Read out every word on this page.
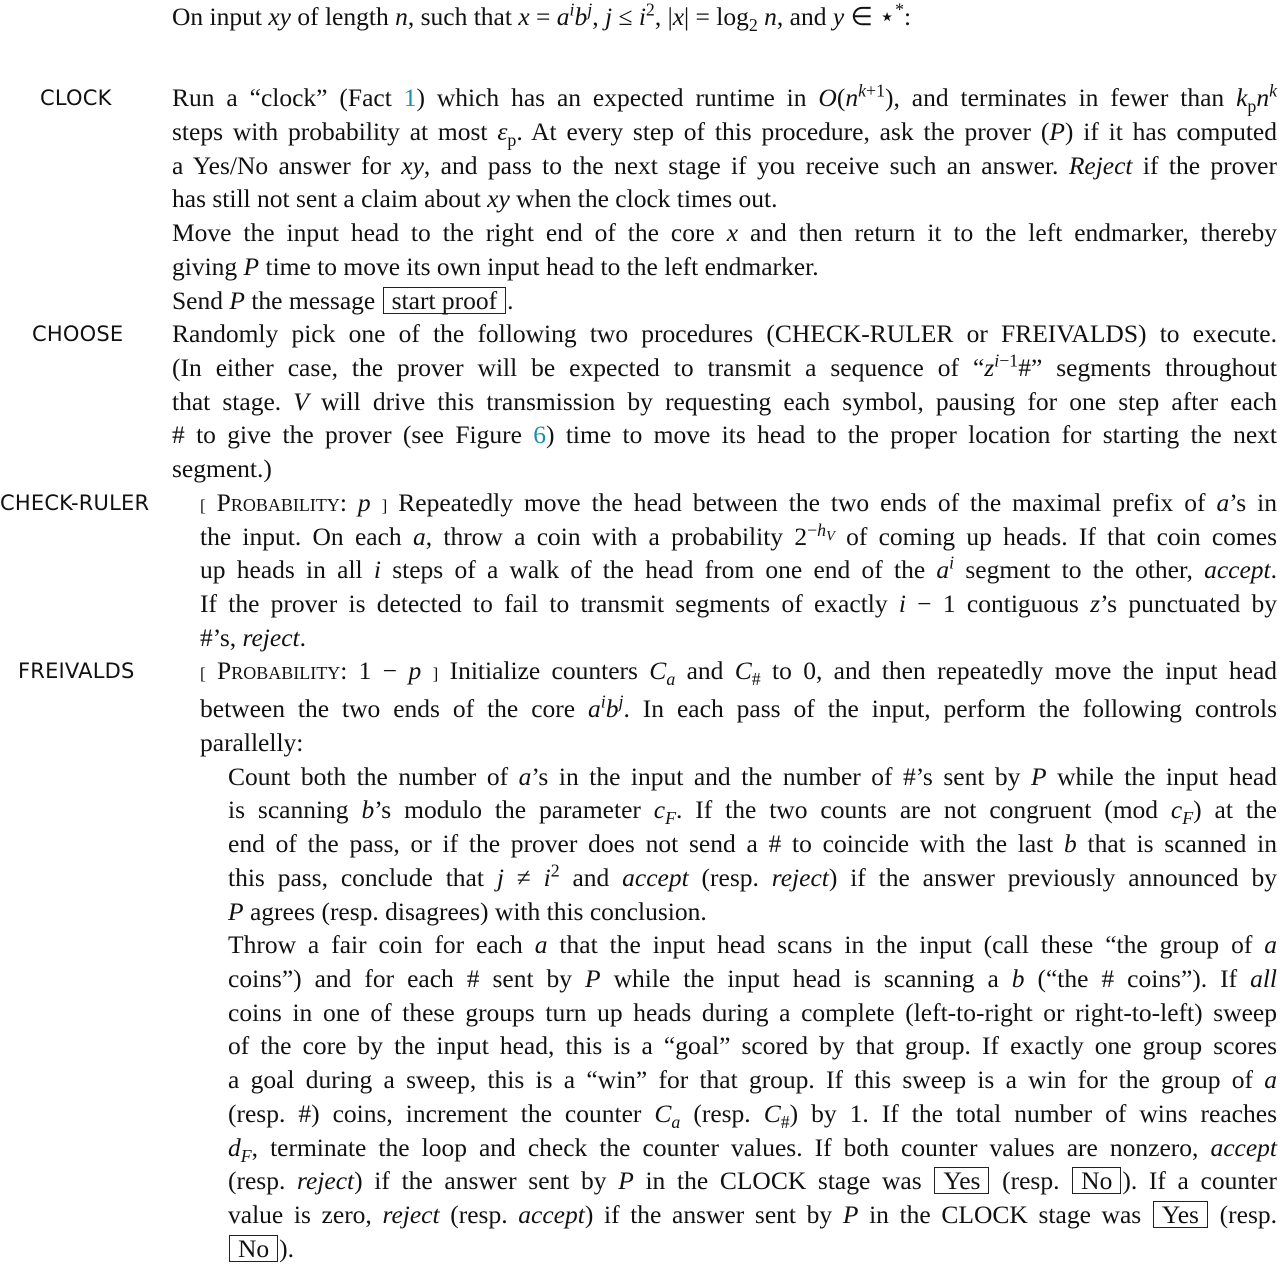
On input xy of length n, such that $x = a^ib^j$, $j \le i^2$, $|x| = \log_2 n$, and y ∈ ⋆*:
CLOCK Run a “clock” (Fact 1) which has an expected runtime in $O(n^{k+1})$, and terminates in fewer than $k_pn^k$
steps with probability at most $\varepsilon_p$. At every step of this procedure, ask the prover (P) if it has computed
a Yes/No answer for xy, and pass to the next stage if you receive such an answer. Reject if the prover
has still not sent a claim about xy when the clock times out.
Move the input head to the right end of the core x and then return it to the left endmarker, thereby
giving P time to move its own input head to the left endmarker.
Send P the message start proof .
CHOOSE Randomly pick one of the following two procedures (CHECK-RULER or FREIVALDS) to execute.
(In either case, the prover will be expected to transmit a sequence of “$z^{i-1}\#$” segments throughout
that stage. V will drive this transmission by requesting each symbol, pausing for one step after each
# to give the prover (see Figure 6) time to move its head to the proper location for starting the next
segment.)
CHECK-RULER	[ Probability: p ] Repeatedly move the head between the two ends of the maximal prefix of a’s in
the input. On each a, throw a coin with a probability $2^{-h_V}$ of coming up heads. If that coin comes
up heads in all i steps of a walk of the head from one end of the $a^i$ segment to the other, accept.
If the prover is detected to fail to transmit segments of exactly i − 1 contiguous z’s punctuated by
#’s, reject.
FREIVALDS	[ Probability: 1 − p ] Initialize counters $C_a$ and $C_{\#}$ to 0, and then repeatedly move the input head
between the two ends of the core $a^ib^j$. In each pass of the input, perform the following controls
parallelly:
Count both the number of a’s in the input and the number of #’s sent by P while the input head
is scanning b’s modulo the parameter $c_F$. If the two counts are not congruent (mod $c_F$) at the
end of the pass, or if the prover does not send a # to coincide with the last b that is scanned in
this pass, conclude that $j \ne i^2$ and accept (resp. reject) if the answer previously announced by
P agrees (resp. disagrees) with this conclusion.
Throw a fair coin for each a that the input head scans in the input (call these “the group of a
coins”) and for each # sent by P while the input head is scanning a b (“the # coins”). If all
coins in one of these groups turn up heads during a complete (left-to-right or right-to-left) sweep
of the core by the input head, this is a “goal” scored by that group. If exactly one group scores
a goal during a sweep, this is a “win” for that group. If this sweep is a win for the group of a
(resp. #) coins, increment the counter $C_a$ (resp. $C_{\#}$) by 1. If the total number of wins reaches
$d_F$, terminate the loop and check the counter values. If both counter values are nonzero, accept
(resp. reject) if the answer sent by P in the CLOCK stage was Yes (resp. No ). If a counter
value is zero, reject (resp. accept) if the answer sent by P in the CLOCK stage was Yes (resp.
No ).
